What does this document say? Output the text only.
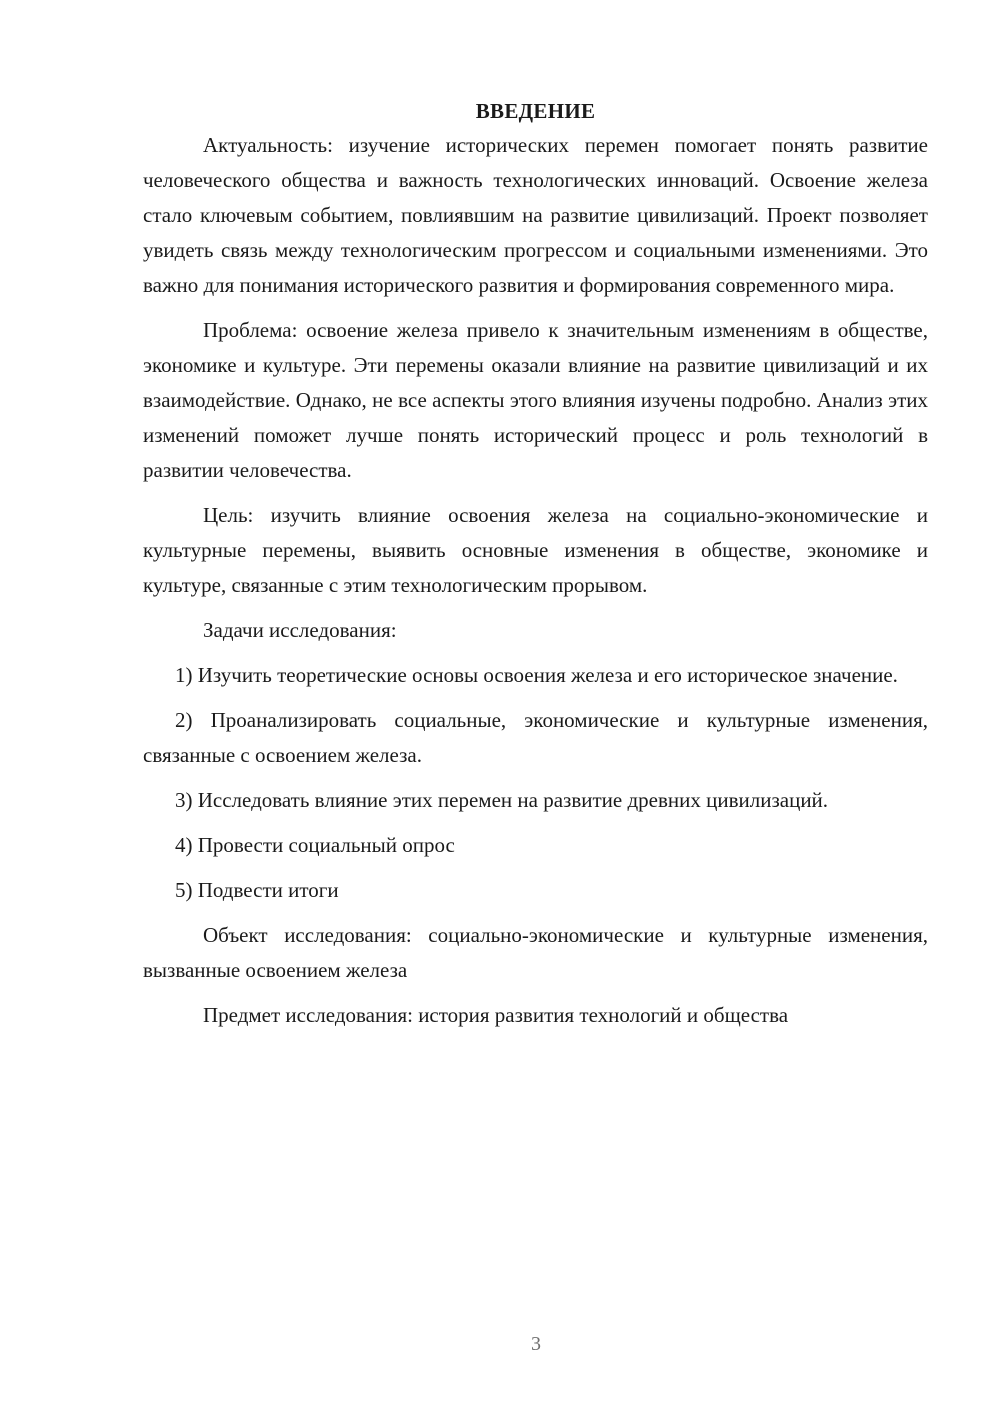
ВВЕДЕНИЕ

Актуальность: изучение исторических перемен помогает понять развитие человеческого общества и важность технологических инноваций. Освоение железа стало ключевым событием, повлиявшим на развитие цивилизаций. Проект позволяет увидеть связь между технологическим прогрессом и социальными изменениями. Это важно для понимания исторического развития и формирования современного мира.

Проблема: освоение железа привело к значительным изменениям в обществе, экономике и культуре. Эти перемены оказали влияние на развитие цивилизаций и их взаимодействие. Однако, не все аспекты этого влияния изучены подробно. Анализ этих изменений поможет лучше понять исторический процесс и роль технологий в развитии человечества.

Цель: изучить влияние освоения железа на социально-экономические и культурные перемены, выявить основные изменения в обществе, экономике и культуре, связанные с этим технологическим прорывом.

Задачи исследования:

1) Изучить теоретические основы освоения железа и его историческое значение.

2) Проанализировать социальные, экономические и культурные изменения, связанные с освоением железа.

3) Исследовать влияние этих перемен на развитие древних цивилизаций.

4) Провести социальный опрос

5) Подвести итоги

Объект исследования: социально-экономические и культурные изменения, вызванные освоением железа

Предмет исследования: история развития технологий и общества

3
